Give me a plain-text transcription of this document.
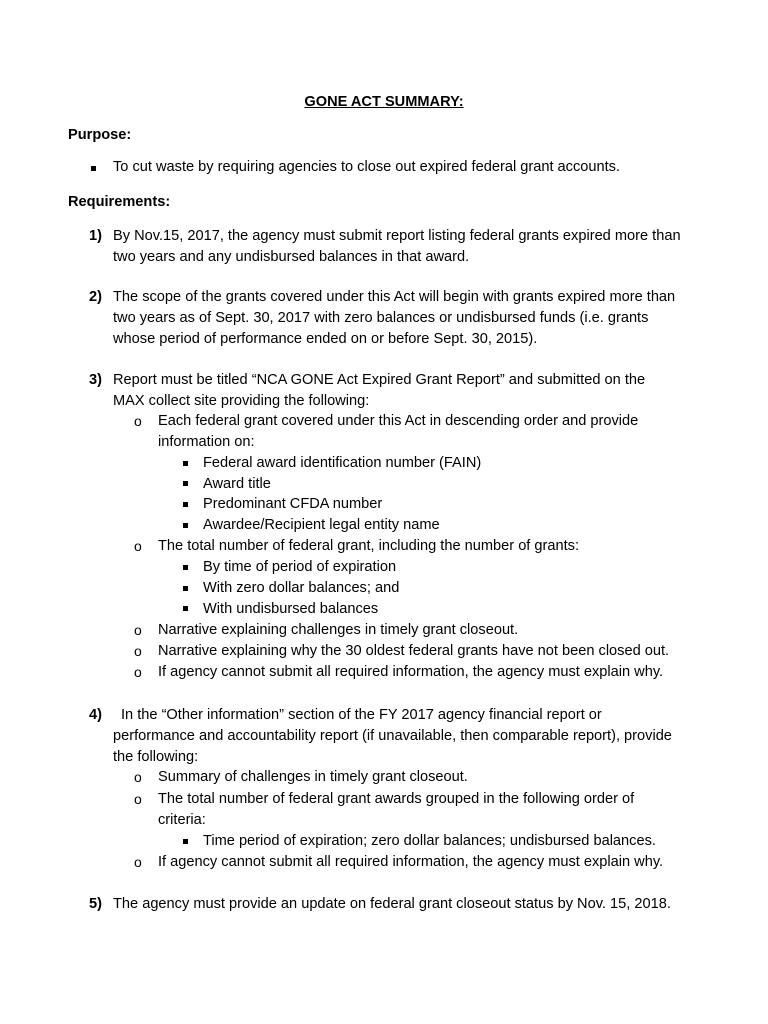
GONE ACT SUMMARY:
Purpose:
To cut waste by requiring agencies to close out expired federal grant accounts.
Requirements:
1) By Nov.15, 2017, the agency must submit report listing federal grants expired more than
two years and any undisbursed balances in that award.
2) The scope of the grants covered under this Act will begin with grants expired more than
two years as of Sept. 30, 2017 with zero balances or undisbursed funds (i.e. grants
whose period of performance ended on or before Sept. 30, 2015).
3) Report must be titled “NCA GONE Act Expired Grant Report” and submitted on the
MAX collect site providing the following:
o Each federal grant covered under this Act in descending order and provide
information on:
Federal award identification number (FAIN)
Award title
Predominant CFDA number
Awardee/Recipient legal entity name
o The total number of federal grant, including the number of grants:
By time of period of expiration
With zero dollar balances; and
With undisbursed balances
o Narrative explaining challenges in timely grant closeout.
o Narrative explaining why the 30 oldest federal grants have not been closed out.
o If agency cannot submit all required information, the agency must explain why.
4) In the “Other information” section of the FY 2017 agency financial report or
performance and accountability report (if unavailable, then comparable report), provide
the following:
o Summary of challenges in timely grant closeout.
o The total number of federal grant awards grouped in the following order of
criteria:
Time period of expiration; zero dollar balances; undisbursed balances.
o If agency cannot submit all required information, the agency must explain why.
5) The agency must provide an update on federal grant closeout status by Nov. 15, 2018.
